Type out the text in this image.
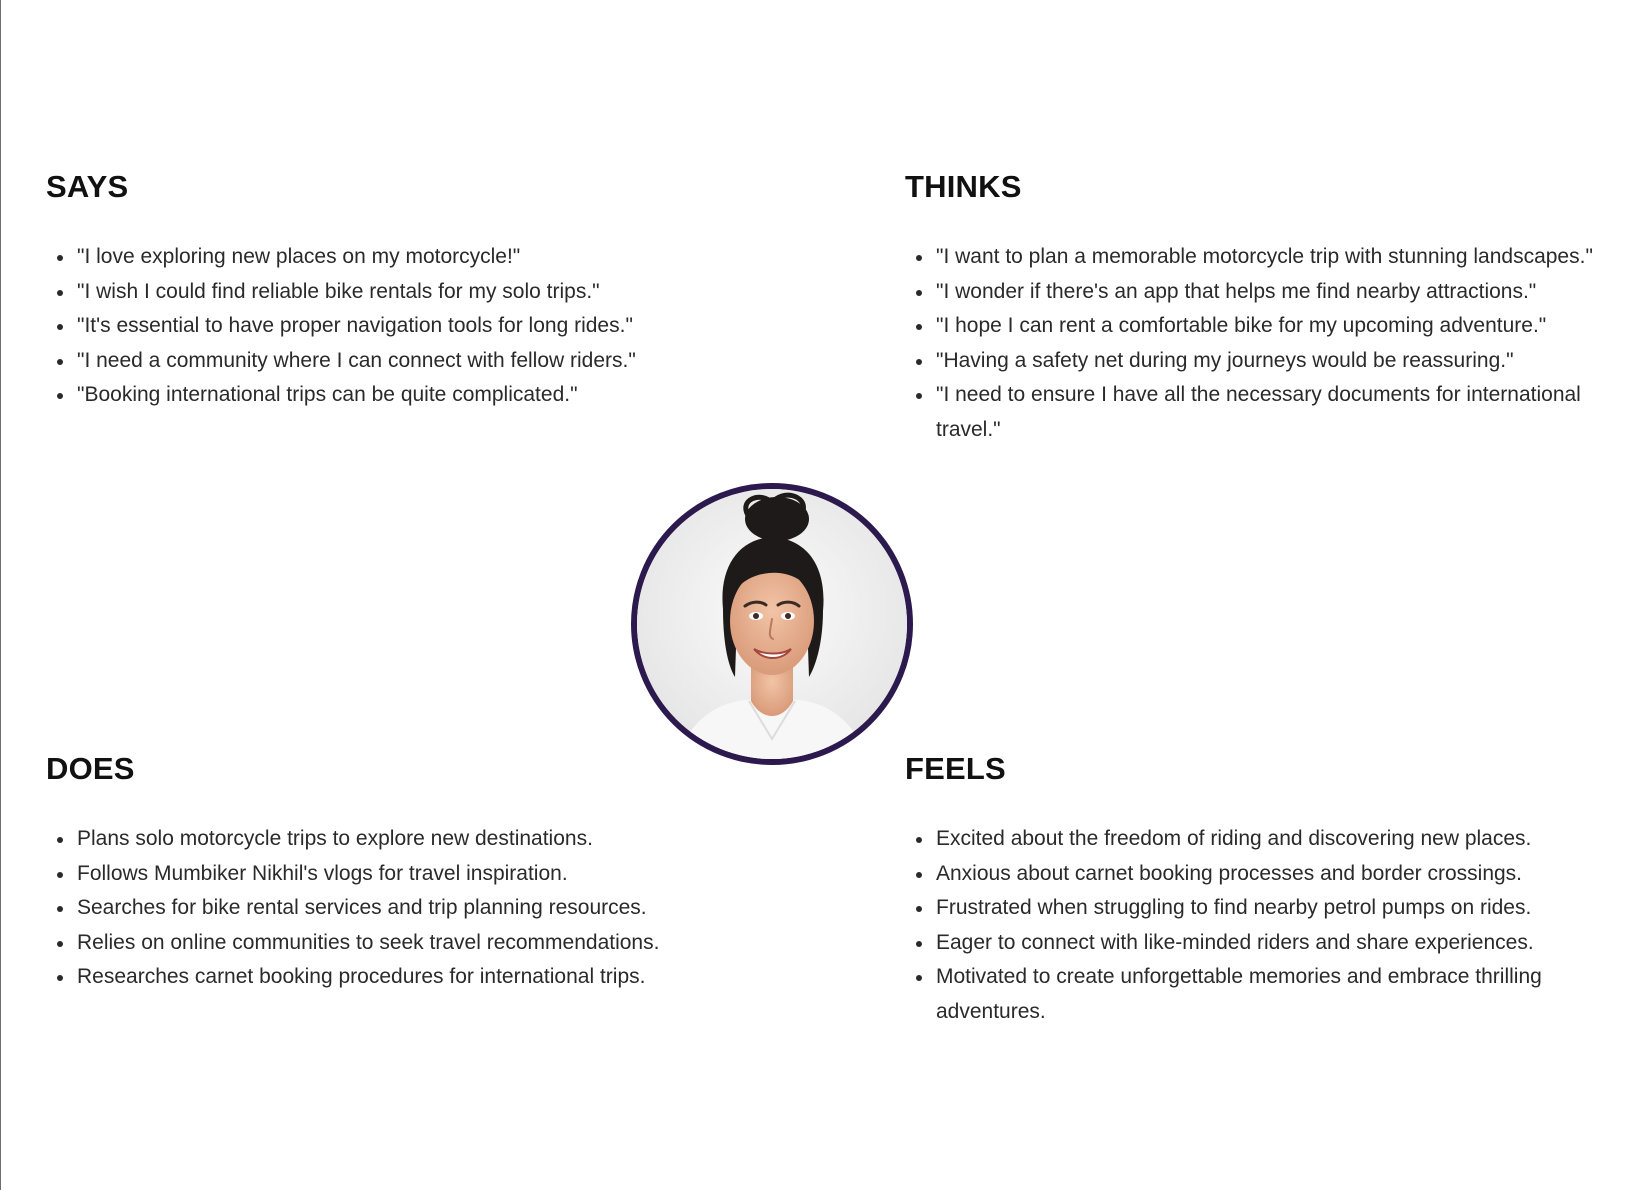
SAYS
"I love exploring new places on my motorcycle!"
"I wish I could find reliable bike rentals for my solo trips."
"It's essential to have proper navigation tools for long rides."
"I need a community where I can connect with fellow riders."
"Booking international trips can be quite complicated."
THINKS
"I want to plan a memorable motorcycle trip with stunning landscapes."
"I wonder if there's an app that helps me find nearby attractions."
"I hope I can rent a comfortable bike for my upcoming adventure."
"Having a safety net during my journeys would be reassuring."
"I need to ensure I have all the necessary documents for international travel."
DOES
Plans solo motorcycle trips to explore new destinations.
Follows Mumbiker Nikhil's vlogs for travel inspiration.
Searches for bike rental services and trip planning resources.
Relies on online communities to seek travel recommendations.
Researches carnet booking procedures for international trips.
FEELS
Excited about the freedom of riding and discovering new places.
Anxious about carnet booking processes and border crossings.
Frustrated when struggling to find nearby petrol pumps on rides.
Eager to connect with like-minded riders and share experiences.
Motivated to create unforgettable memories and embrace thrilling adventures.
